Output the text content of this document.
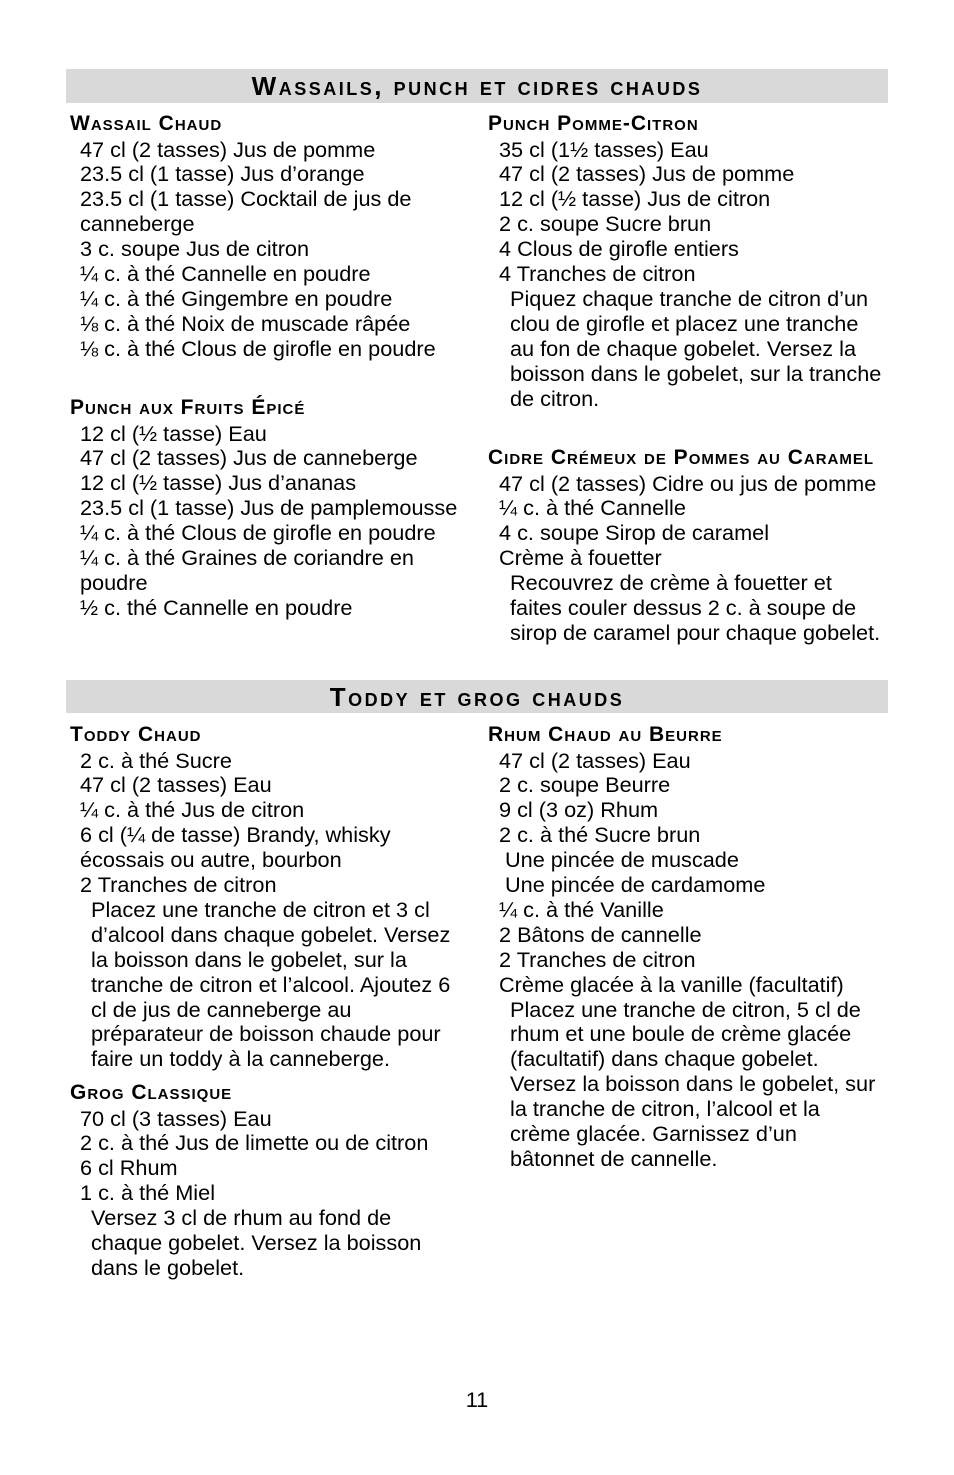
Wassails, punch et cidres chauds
Wassail Chaud
47 cl (2 tasses) Jus de pomme
23.5 cl (1 tasse) Jus d’orange
23.5 cl (1 tasse) Cocktail de jus de
canneberge
3 c. soupe Jus de citron
¼ c. à thé Cannelle en poudre
¼ c. à thé Gingembre en poudre
⅛ c. à thé Noix de muscade râpée
⅛ c. à thé Clous de girofle en poudre
Punch aux Fruits Épicé
12 cl (½ tasse) Eau
47 cl (2 tasses) Jus de canneberge
12 cl (½ tasse) Jus d’ananas
23.5 cl (1 tasse) Jus de pamplemousse
¼ c. à thé Clous de girofle en poudre
¼ c. à thé Graines de coriandre en
poudre
½ c. thé Cannelle en poudre
Punch Pomme-Citron
35 cl (1½ tasses) Eau
47 cl (2 tasses) Jus de pomme
12 cl (½ tasse) Jus de citron
2 c. soupe Sucre brun
4 Clous de girofle entiers
4 Tranches de citron

Piquez chaque tranche de citron d’un
clou de girofle et placez une tranche
au fon de chaque gobelet. Versez la
boisson dans le gobelet, sur la tranche
de citron.

Cidre Crémeux de Pommes au Caramel
47 cl (2 tasses) Cidre ou jus de pomme
¼ c. à thé Cannelle
4 c. soupe Sirop de caramel
Crème à fouetter

Recouvrez de crème à fouetter et
faites couler dessus 2 c. à soupe de
sirop de caramel pour chaque gobelet.

Toddy et grog chauds
Toddy Chaud
2 c. à thé Sucre
47 cl (2 tasses) Eau
¼ c. à thé Jus de citron
6 cl (¼ de tasse) Brandy, whisky
écossais ou autre, bourbon
2 Tranches de citron

Placez une tranche de citron et 3 cl
d’alcool dans chaque gobelet. Versez
la boisson dans le gobelet, sur la
tranche de citron et l’alcool. Ajoutez 6
cl de jus de canneberge au
préparateur de boisson chaude pour
faire un toddy à la canneberge.

Grog Classique
70 cl (3 tasses) Eau
2 c. à thé Jus de limette ou de citron
6 cl Rhum
1 c. à thé Miel

Versez 3 cl de rhum au fond de
chaque gobelet. Versez la boisson
dans le gobelet.

Rhum Chaud au Beurre
47 cl (2 tasses) Eau
2 c. soupe Beurre
9 cl (3 oz) Rhum
2 c. à thé Sucre brun
Une pincée de muscade
Une pincée de cardamome
¼ c. à thé Vanille
2 Bâtons de cannelle
2 Tranches de citron
Crème glacée à la vanille (facultatif)

Placez une tranche de citron, 5 cl de
rhum et une boule de crème glacée
(facultatif) dans chaque gobelet.
Versez la boisson dans le gobelet, sur
la tranche de citron, l’alcool et la
crème glacée. Garnissez d’un
bâtonnet de cannelle.

11
